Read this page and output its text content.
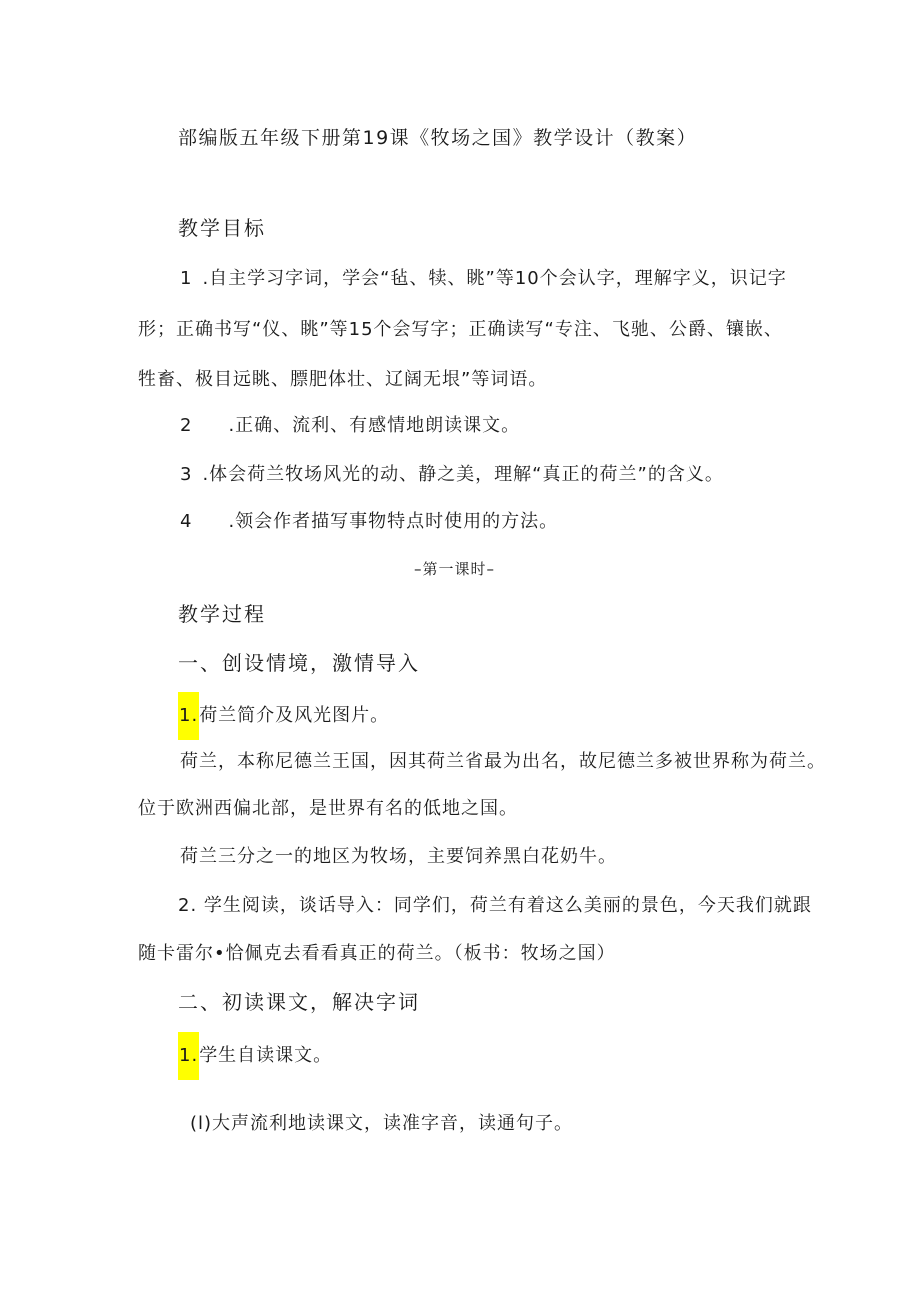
部编版五年级下册第19课《牧场之国》教学设计（教案）
教学目标
1 .自主学习字词，学会“毡、犊、眺”等10个会认字，理解字义，识记字
形；正确书写“仪、眺”等15个会写字；正确读写“专注、飞驰、公爵、镶嵌、
牲畜、极目远眺、膘肥体壮、辽阔无垠”等词语。
2 .正确、流利、有感情地朗读课文。
3 .体会荷兰牧场风光的动、静之美，理解“真正的荷兰”的含义。
4 .领会作者描写事物特点时使用的方法。
–第一课时–
教学过程
一、创设情境，激情导入
1.荷兰简介及风光图片。
荷兰，本称尼德兰王国，因其荷兰省最为出名，故尼德兰多被世界称为荷兰。
位于欧洲西偏北部，是世界有名的低地之国。
荷兰三分之一的地区为牧场，主要饲养黑白花奶牛。
2. 学生阅读，谈话导入：同学们，荷兰有着这么美丽的景色，今天我们就跟
随卡雷尔•恰佩克去看看真正的荷兰。（板书：牧场之国）
二、初读课文，解决字词
1.学生自读课文。
(l)大声流利地读课文，读准字音，读通句子。
